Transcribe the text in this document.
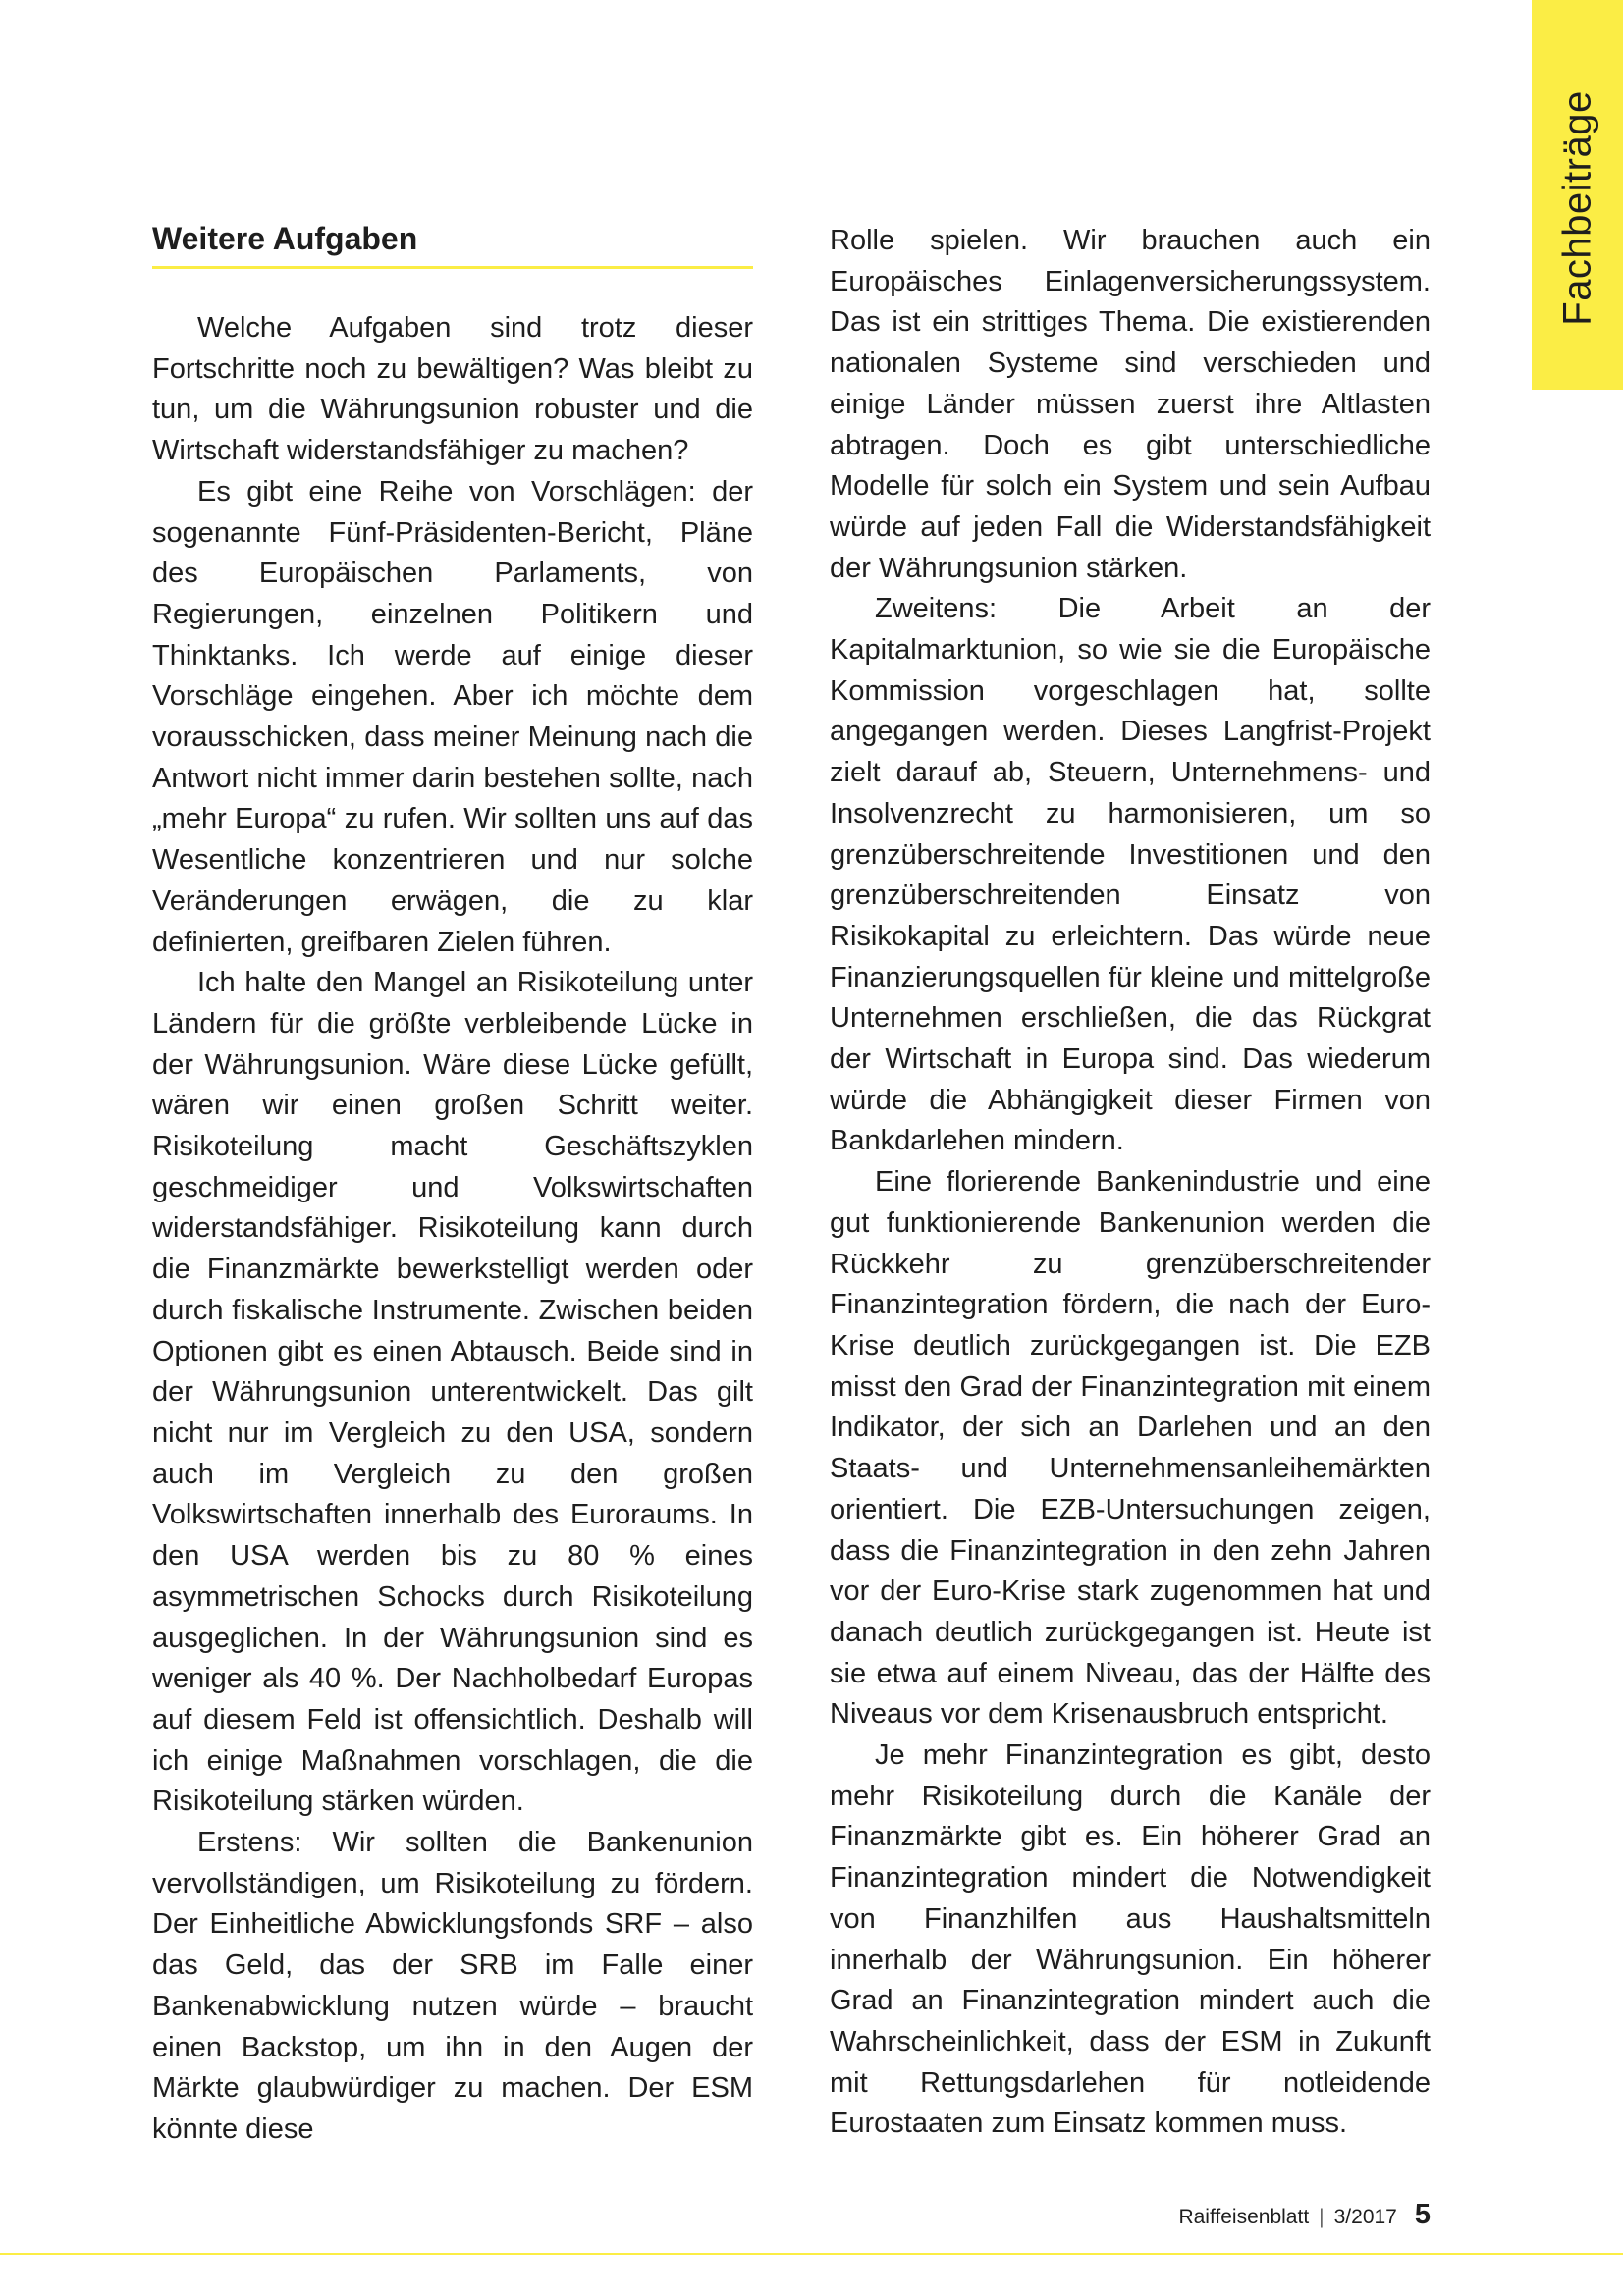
Fachbeiträge
Weitere Aufgaben

Welche Aufgaben sind trotz dieser Fortschritte noch zu bewältigen? Was bleibt zu tun, um die Währungsunion robuster und die Wirtschaft widerstandsfähiger zu machen?

Es gibt eine Reihe von Vorschlägen: der sogenannte Fünf-Präsidenten-Bericht, Pläne des Europäischen Parlaments, von Regierungen, einzelnen Politikern und Thinktanks. Ich werde auf einige dieser Vorschläge eingehen. Aber ich möchte dem vorausschicken, dass meiner Meinung nach die Antwort nicht immer darin bestehen sollte, nach „mehr Europa“ zu rufen. Wir sollten uns auf das Wesentliche konzentrieren und nur solche Veränderungen erwägen, die zu klar definierten, greifbaren Zielen führen.

Ich halte den Mangel an Risikoteilung unter Ländern für die größte verbleibende Lücke in der Währungsunion. Wäre diese Lücke gefüllt, wären wir einen großen Schritt weiter. Risikoteilung macht Geschäftszyklen geschmeidiger und Volkswirtschaften widerstandsfähiger. Risikoteilung kann durch die Finanzmärkte bewerkstelligt werden oder durch fiskalische Instrumente. Zwischen beiden Optionen gibt es einen Abtausch. Beide sind in der Währungsunion unterentwickelt. Das gilt nicht nur im Vergleich zu den USA, sondern auch im Vergleich zu den großen Volkswirtschaften innerhalb des Euroraums. In den USA werden bis zu 80 % eines asymmetrischen Schocks durch Risikoteilung ausgeglichen. In der Währungsunion sind es weniger als 40 %. Der Nachholbedarf Europas auf diesem Feld ist offensichtlich. Deshalb will ich einige Maßnahmen vorschlagen, die die Risikoteilung stärken würden.

Erstens: Wir sollten die Bankenunion vervollständigen, um Risikoteilung zu fördern. Der Einheitliche Abwicklungsfonds SRF – also das Geld, das der SRB im Falle einer Bankenabwicklung nutzen würde – braucht einen Backstop, um ihn in den Augen der Märkte glaubwürdiger zu machen. Der ESM könnte diese

Rolle spielen. Wir brauchen auch ein Europäisches Einlagenversicherungssystem. Das ist ein strittiges Thema. Die existierenden nationalen Systeme sind verschieden und einige Länder müssen zuerst ihre Altlasten abtragen. Doch es gibt unterschiedliche Modelle für solch ein System und sein Aufbau würde auf jeden Fall die Widerstandsfähigkeit der Währungsunion stärken.

Zweitens: Die Arbeit an der Kapitalmarktunion, so wie sie die Europäische Kommission vorgeschlagen hat, sollte angegangen werden. Dieses Langfrist-Projekt zielt darauf ab, Steuern, Unternehmens- und Insolvenzrecht zu harmonisieren, um so grenzüberschreitende Investitionen und den grenzüberschreitenden Einsatz von Risikokapital zu erleichtern. Das würde neue Finanzierungsquellen für kleine und mittelgroße Unternehmen erschließen, die das Rückgrat der Wirtschaft in Europa sind. Das wiederum würde die Abhängigkeit dieser Firmen von Bankdarlehen mindern.

Eine florierende Bankenindustrie und eine gut funktionierende Bankenunion werden die Rückkehr zu grenzüberschreitender Finanzintegration fördern, die nach der Euro-Krise deutlich zurückgegangen ist. Die EZB misst den Grad der Finanzintegration mit einem Indikator, der sich an Darlehen und an den Staats- und Unternehmensanleihemärkten orientiert. Die EZB-Untersuchungen zeigen, dass die Finanzintegration in den zehn Jahren vor der Euro-Krise stark zugenommen hat und danach deutlich zurückgegangen ist. Heute ist sie etwa auf einem Niveau, das der Hälfte des Niveaus vor dem Krisenausbruch entspricht.

Je mehr Finanzintegration es gibt, desto mehr Risikoteilung durch die Kanäle der Finanzmärkte gibt es. Ein höherer Grad an Finanzintegration mindert die Notwendigkeit von Finanzhilfen aus Haushaltsmitteln innerhalb der Währungsunion. Ein höherer Grad an Finanzintegration mindert auch die Wahrscheinlichkeit, dass der ESM in Zukunft mit Rettungsdarlehen für notleidende Eurostaaten zum Einsatz kommen muss.

Raiffeisenblatt | 3/2017 5
